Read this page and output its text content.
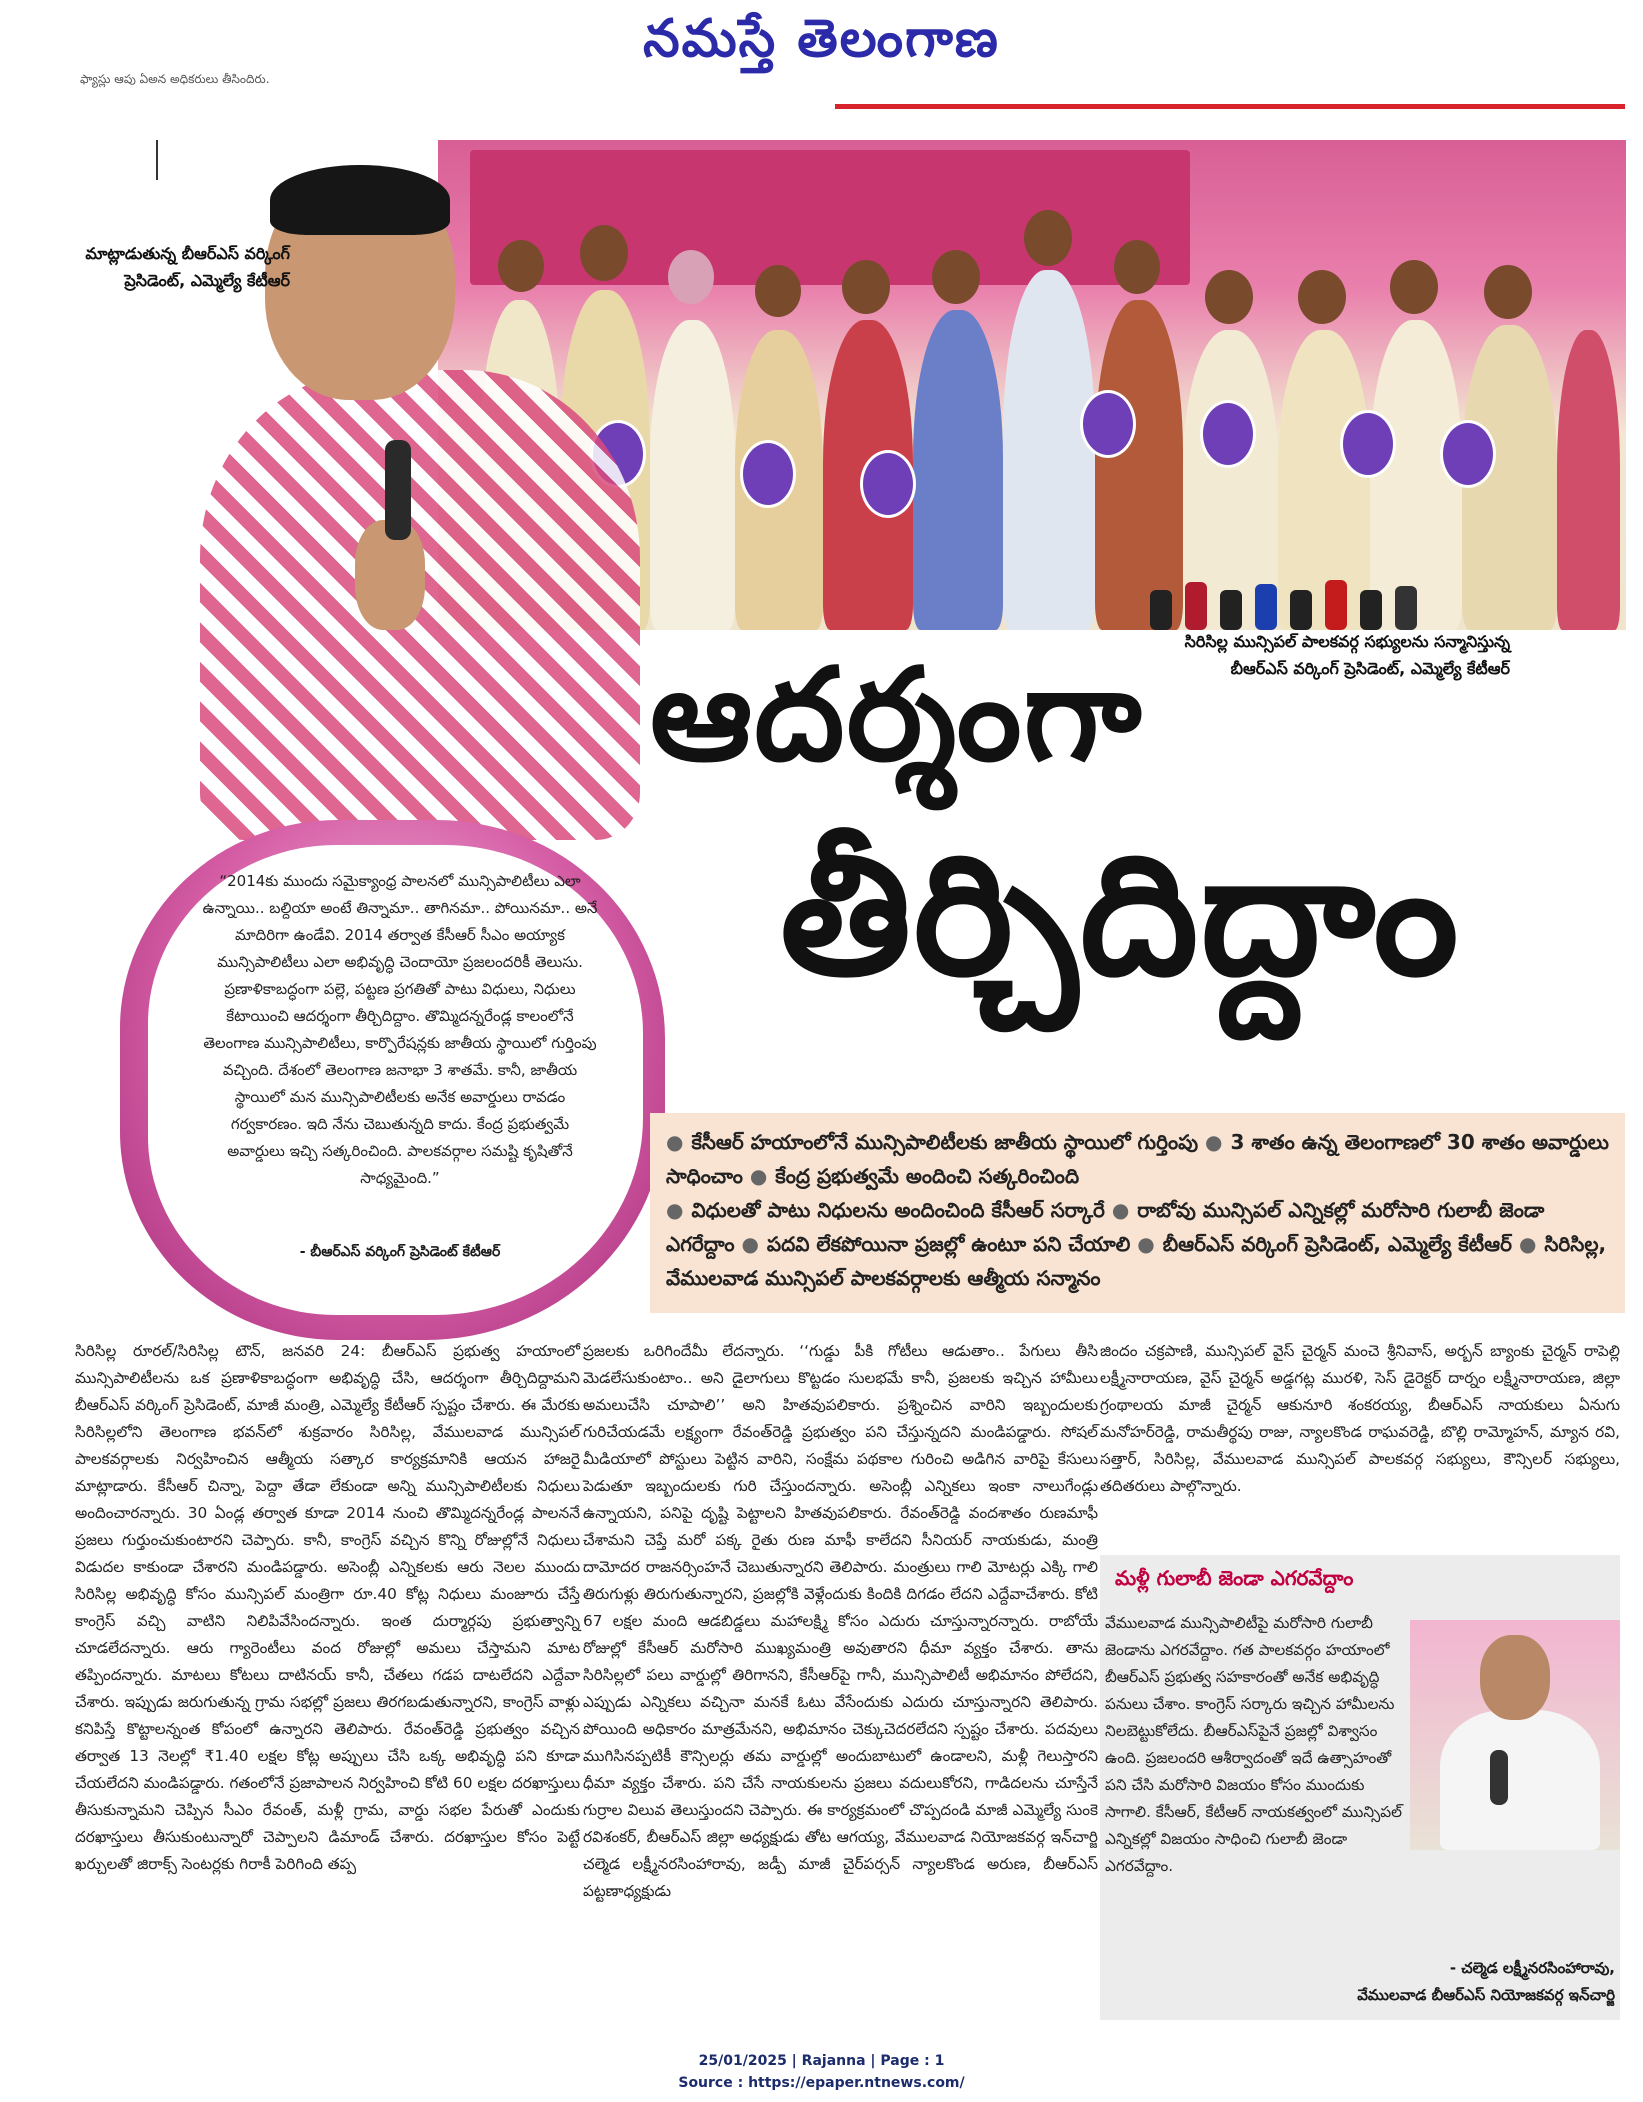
నమస్తే తెలంగాణ
ఫ్యాస్లు ఆపు ఏఅన అధికరులు తీసిందిరు.
మాట్లాడుతున్న బీఆర్‌ఎస్ వర్కింగ్ ప్రెసిడెంట్, ఎమ్మెల్యే కేటీఆర్
సిరిసిల్ల మున్సిపల్ పాలకవర్గ సభ్యులను సన్మానిస్తున్న బీఆర్‌ఎస్ వర్కింగ్ ప్రెసిడెంట్, ఎమ్మెల్యే కేటీఆర్
ఆదర్శంగా
తీర్చిదిద్దాం
“2014కు ముందు సమైక్యాంధ్ర పాలనలో మున్సిపాలిటీలు ఎలా ఉన్నాయి.. బల్దియా అంటే తిన్నామా.. తాగినమా.. పోయినమా.. అనే మాదిరిగా ఉండేవి. 2014 తర్వాత కేసీఆర్ సీఎం అయ్యాక మున్సిపాలిటీలు ఎలా అభివృద్ధి చెందాయో ప్రజలందరికీ తెలుసు. ప్రణాళికాబద్ధంగా పల్లె, పట్టణ ప్రగతితో పాటు విధులు, నిధులు కేటాయించి ఆదర్శంగా తీర్చిదిద్దాం. తొమ్మిదన్నరేండ్ల కాలంలోనే తెలంగాణ మున్సిపాలిటీలు, కార్పొరేషన్లకు జాతీయ స్థాయిలో గుర్తింపు వచ్చింది. దేశంలో తెలంగాణ జనాభా 3 శాతమే. కానీ, జాతీయ స్థాయిలో మన మున్సిపాలిటీలకు అనేక అవార్డులు రావడం గర్వకారణం. ఇది నేను చెబుతున్నది కాదు. కేంద్ర ప్రభుత్వమే అవార్డులు ఇచ్చి సత్కరించింది. పాలకవర్గాల సమష్టి కృషితోనే సాధ్యమైంది.”
- బీఆర్‌ఎస్ వర్కింగ్ ప్రెసిడెంట్ కేటీఆర్

● కేసీఆర్ హయాంలోనే మున్సిపాలిటీలకు జాతీయ స్థాయిలో గుర్తింపు ● 3 శాతం ఉన్న తెలంగాణలో 30 శాతం అవార్డులు సాధించాం ● కేంద్ర ప్రభుత్వమే అందించి సత్కరించింది

● విధులతో పాటు నిధులను అందించింది కేసీఆర్ సర్కారే ● రాబోవు మున్సిపల్ ఎన్నికల్లో మరోసారి గులాబీ జెండా ఎగరేద్దాం ● పదవి లేకపోయినా ప్రజల్లో ఉంటూ పని చేయాలి ● బీఆర్‌ఎస్ వర్కింగ్ ప్రెసిడెంట్, ఎమ్మెల్యే కేటీఆర్ ● సిరిసిల్ల, వేములవాడ మున్సిపల్ పాలకవర్గాలకు ఆత్మీయ సన్మానం

సిరిసిల్ల రూరల్/సిరిసిల్ల టౌన్, జనవరి 24: బీఆర్‌ఎస్ ప్రభుత్వ హయాంలో మున్సిపాలిటీలను ఒక ప్రణాళికాబద్ధంగా అభివృద్ధి చేసి, ఆదర్శంగా తీర్చిదిద్దామని బీఆర్‌ఎస్ వర్కింగ్ ప్రెసిడెంట్, మాజీ మంత్రి, ఎమ్మెల్యే కేటీఆర్ స్పష్టం చేశారు. ఈ మేరకు సిరిసిల్లలోని తెలంగాణ భవన్‌లో శుక్రవారం సిరిసిల్ల, వేములవాడ మున్సిపల్ పాలకవర్గాలకు నిర్వహించిన ఆత్మీయ సత్కార కార్యక్రమానికి ఆయన హాజరై మాట్లాడారు. కేసీఆర్ చిన్నా, పెద్దా తేడా లేకుండా అన్ని మున్సిపాలిటీలకు నిధులు అందించారన్నారు. 30 ఏండ్ల తర్వాత కూడా 2014 నుంచి తొమ్మిదన్నరేండ్ల పాలననే ప్రజలు గుర్తుంచుకుంటారని చెప్పారు. కానీ, కాంగ్రెస్ వచ్చిన కొన్ని రోజుల్లోనే నిధులు విడుదల కాకుండా చేశారని మండిపడ్డారు. అసెంబ్లీ ఎన్నికలకు ఆరు నెలల ముందు సిరిసిల్ల అభివృద్ధి కోసం మున్సిపల్ మంత్రిగా రూ.40 కోట్ల నిధులు మంజూరు చేస్తే కాంగ్రెస్ వచ్చి వాటిని నిలిపివేసిందన్నారు. ఇంత దుర్మార్గపు ప్రభుత్వాన్ని చూడలేదన్నారు. ఆరు గ్యారెంటీలు వంద రోజుల్లో అమలు చేస్తామని మాట తప్పిందన్నారు. మాటలు కోటలు దాటినయ్ కానీ, చేతలు గడప దాటలేదని ఎద్దేవా చేశారు. ఇప్పుడు జరుగుతున్న గ్రామ సభల్లో ప్రజలు తిరగబడుతున్నారని, కాంగ్రెస్ వాళ్లు కనిపిస్తే కొట్టాలన్నంత కోపంలో ఉన్నారని తెలిపారు. రేవంత్‌రెడ్డి ప్రభుత్వం వచ్చిన తర్వాత 13 నెలల్లో ₹1.40 లక్షల కోట్ల అప్పులు చేసి ఒక్క అభివృద్ధి పని కూడా చేయలేదని మండిపడ్డారు. గతంలోనే ప్రజాపాలన నిర్వహించి కోటి 60 లక్షల దరఖాస్తులు తీసుకున్నామని చెప్పిన సీఎం రేవంత్, మళ్లీ గ్రామ, వార్డు సభల పేరుతో ఎందుకు దరఖాస్తులు తీసుకుంటున్నారో చెప్పాలని డిమాండ్ చేశారు. దరఖాస్తుల కోసం పెట్టే ఖర్చులతో జిరాక్స్ సెంటర్లకు గిరాకీ పెరిగింది తప్ప
ప్రజలకు ఒరిగిందేమీ లేదన్నారు. ‘‘గుడ్డు పీకి గోటీలు ఆడుతాం.. పేగులు తీసి మెడలేసుకుంటాం.. అని డైలాగులు కొట్టడం సులభమే కానీ, ప్రజలకు ఇచ్చిన హామీలు అమలుచేసి చూపాలి’’ అని హితవుపలికారు. ప్రశ్నించిన వారిని ఇబ్బందులకు గురిచేయడమే లక్ష్యంగా రేవంత్‌రెడ్డి ప్రభుత్వం పని చేస్తున్నదని మండిపడ్డారు. సోషల్ మీడియాలో పోస్టులు పెట్టిన వారిని, సంక్షేమ పథకాల గురించి అడిగిన వారిపై కేసులు పెడుతూ ఇబ్బందులకు గురి చేస్తుందన్నారు. అసెంబ్లీ ఎన్నికలు ఇంకా నాలుగేండ్లు ఉన్నాయని, పనిపై దృష్టి పెట్టాలని హితవుపలికారు. రేవంత్‌రెడ్డి వందశాతం రుణమాఫీ చేశామని చెప్తే మరో పక్క రైతు రుణ మాఫీ కాలేదని సీనియర్ నాయకుడు, మంత్రి దామోదర రాజనర్సింహనే చెబుతున్నారని తెలిపారు. మంత్రులు గాలి మోటర్లు ఎక్కి గాలి తిరుగుళ్లు తిరుగుతున్నారని, ప్రజల్లోకి వెళ్లేందుకు కిందికి దిగడం లేదని ఎద్దేవాచేశారు. కోటి 67 లక్షల మంది ఆడబిడ్డలు మహాలక్ష్మి కోసం ఎదురు చూస్తున్నారన్నారు. రాబోయే రోజుల్లో కేసీఆర్ మరోసారి ముఖ్యమంత్రి అవుతారని ధీమా వ్యక్తం చేశారు. తాను సిరిసిల్లలో పలు వార్డుల్లో తిరిగానని, కేసీఆర్‌పై గానీ, మున్సిపాలిటీ అభిమానం పోలేదని, ఎప్పుడు ఎన్నికలు వచ్చినా మనకే ఓటు వేసేందుకు ఎదురు చూస్తున్నారని తెలిపారు. పోయింది అధికారం మాత్రమేనని, అభిమానం చెక్కుచెదరలేదని స్పష్టం చేశారు. పదవులు ముగిసినప్పటికీ కౌన్సిలర్లు తమ వార్డుల్లో అందుబాటులో ఉండాలని, మళ్లీ గెలుస్తారని ధీమా వ్యక్తం చేశారు. పని చేసే నాయకులను ప్రజలు వదులుకోరని, గాడిదలను చూస్తేనే గుర్రాల విలువ తెలుస్తుందని చెప్పారు. ఈ కార్యక్రమంలో చొప్పదండి మాజీ ఎమ్మెల్యే సుంకె రవిశంకర్, బీఆర్‌ఎస్ జిల్లా అధ్యక్షుడు తోట ఆగయ్య, వేములవాడ నియోజకవర్గ ఇన్‌చార్జి చల్మెడ లక్ష్మీనరసింహారావు, జడ్పీ మాజీ చైర్‌పర్సన్ న్యాలకొండ అరుణ, బీఆర్‌ఎస్ పట్టణాధ్యక్షుడు
జిందం చక్రపాణి, మున్సిపల్ వైస్ చైర్మన్ మంచె శ్రీనివాస్, అర్బన్ బ్యాంకు చైర్మన్ రాపెల్లి లక్ష్మీనారాయణ, వైస్ చైర్మన్ అడ్డగట్ల మురళి, సెస్ డైరెక్టర్ దార్నం లక్ష్మీనారాయణ, జిల్లా గ్రంథాలయ మాజీ చైర్మన్ ఆకునూరి శంకరయ్య, బీఆర్‌ఎస్ నాయకులు ఏనుగు మనోహర్‌రెడ్డి, రామతీర్థపు రాజు, న్యాలకొండ రాఘవరెడ్డి, బొల్లి రామ్మోహన్, మ్యాన రవి, సత్తార్, సిరిసిల్ల, వేములవాడ మున్సిపల్ పాలకవర్గ సభ్యులు, కౌన్సిలర్ సభ్యులు, తదితరులు పాల్గొన్నారు.
మళ్లీ గులాబీ జెండా ఎగరవేద్దాం
వేములవాడ మున్సిపాలిటీపై మరోసారి గులాబీ జెండాను ఎగరవేద్దాం. గత పాలకవర్గం హయాంలో బీఆర్‌ఎస్ ప్రభుత్వ సహకారంతో అనేక అభివృద్ధి పనులు చేశాం. కాంగ్రెస్ సర్కారు ఇచ్చిన హామీలను నిలబెట్టుకోలేదు. బీఆర్‌ఎస్‌పైనే ప్రజల్లో విశ్వాసం ఉంది. ప్రజలందరి ఆశీర్వాదంతో ఇదే ఉత్సాహంతో పని చేసి మరోసారి విజయం కోసం ముందుకు సాగాలి. కేసీఆర్, కేటీఆర్ నాయకత్వంలో మున్సిపల్ ఎన్నికల్లో విజయం సాధించి గులాబీ జెండా ఎగరవేద్దాం.
- చల్మెడ లక్ష్మీనరసింహారావు,
వేములవాడ బీఆర్‌ఎస్ నియోజకవర్గ ఇన్‌చార్జి
25/01/2025 | Rajanna | Page : 1
Source : https://epaper.ntnews.com/
